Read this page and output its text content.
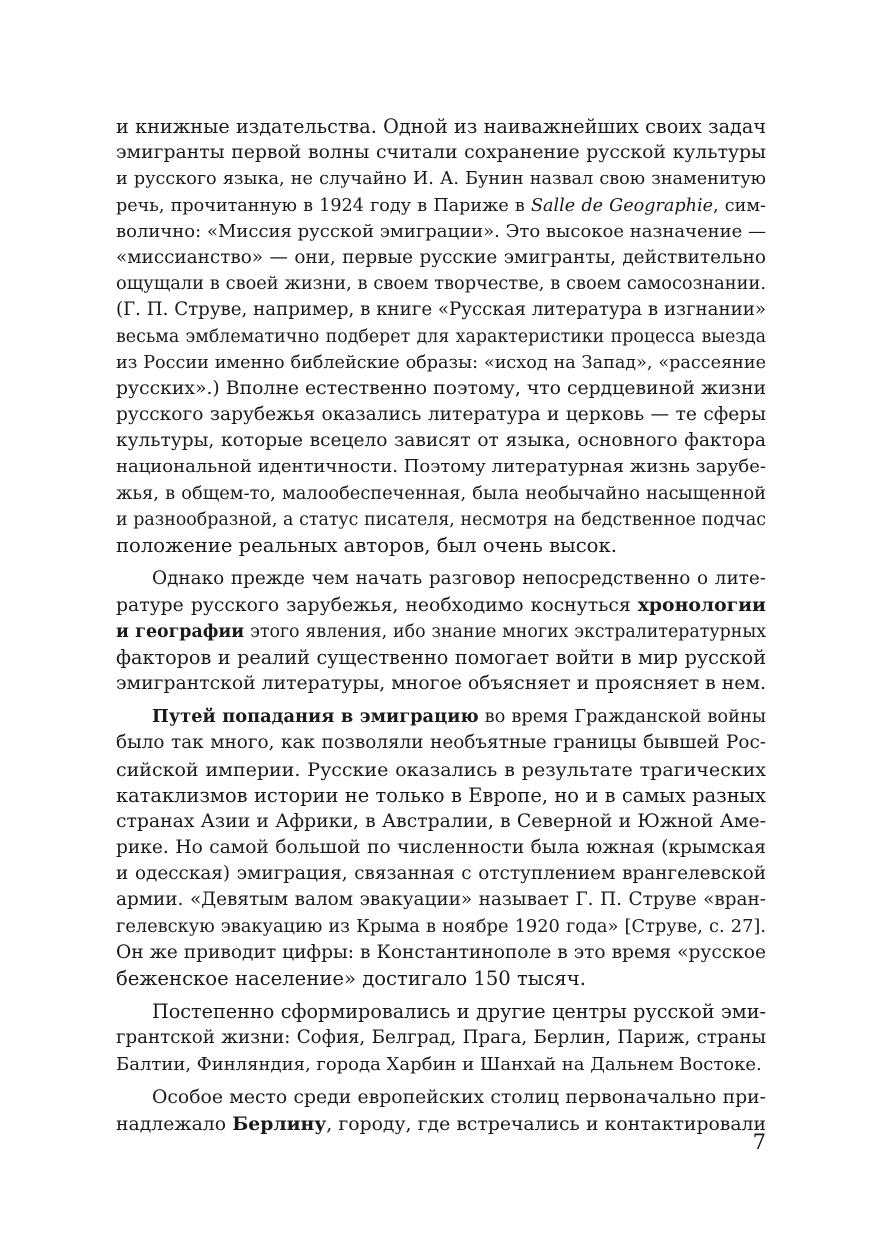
и книжные издательства. Одной из наиважнейших своих задач
эмигранты первой волны считали сохранение русской культуры
и русского языка, не случайно И. А. Бунин назвал свою знаменитую
речь, прочитанную в 1924 году в Париже в Salle de Geographie, сим-
волично: «Миссия русской эмиграции». Это высокое назначение —
«миссианство» — они, первые русские эмигранты, действительно
ощущали в своей жизни, в своем творчестве, в своем самосознании.
(Г. П. Струве, например, в книге «Русская литература в изгнании»
весьма эмблематично подберет для характеристики процесса выезда
из России именно библейские образы: «исход на Запад», «рассеяние
русских».) Вполне естественно поэтому, что сердцевиной жизни
русского зарубежья оказались литература и церковь — те сферы
культуры, которые всецело зависят от языка, основного фактора
национальной идентичности. Поэтому литературная жизнь зарубе-
жья, в общем-то, малообеспеченная, была необычайно насыщенной
и разнообразной, а статус писателя, несмотря на бедственное подчас
положение реальных авторов, был очень высок.
Однако прежде чем начать разговор непосредственно о лите-
ратуре русского зарубежья, необходимо коснуться хронологии
и географии этого явления, ибо знание многих экстралитературных
факторов и реалий существенно помогает войти в мир русской
эмигрантской литературы, многое объясняет и проясняет в нем.
Путей попадания в эмиграцию во время Гражданской войны
было так много, как позволяли необъятные границы бывшей Рос-
сийской империи. Русские оказались в результате трагических
катаклизмов истории не только в Европе, но и в самых разных
странах Азии и Африки, в Австралии, в Северной и Южной Аме-
рике. Но самой большой по численности была южная (крымская
и одесская) эмиграция, связанная с отступлением врангелевской
армии. «Девятым валом эвакуации» называет Г. П. Струве «вран-
гелевскую эвакуацию из Крыма в ноябре 1920 года» [Струве, с. 27].
Он же приводит цифры: в Константинополе в это время «русское
беженское население» достигало 150 тысяч.
Постепенно сформировались и другие центры русской эми-
грантской жизни: София, Белград, Прага, Берлин, Париж, страны
Балтии, Финляндия, города Харбин и Шанхай на Дальнем Востоке.
Особое место среди европейских столиц первоначально при-
надлежало Берлину, городу, где встречались и контактировали
7
